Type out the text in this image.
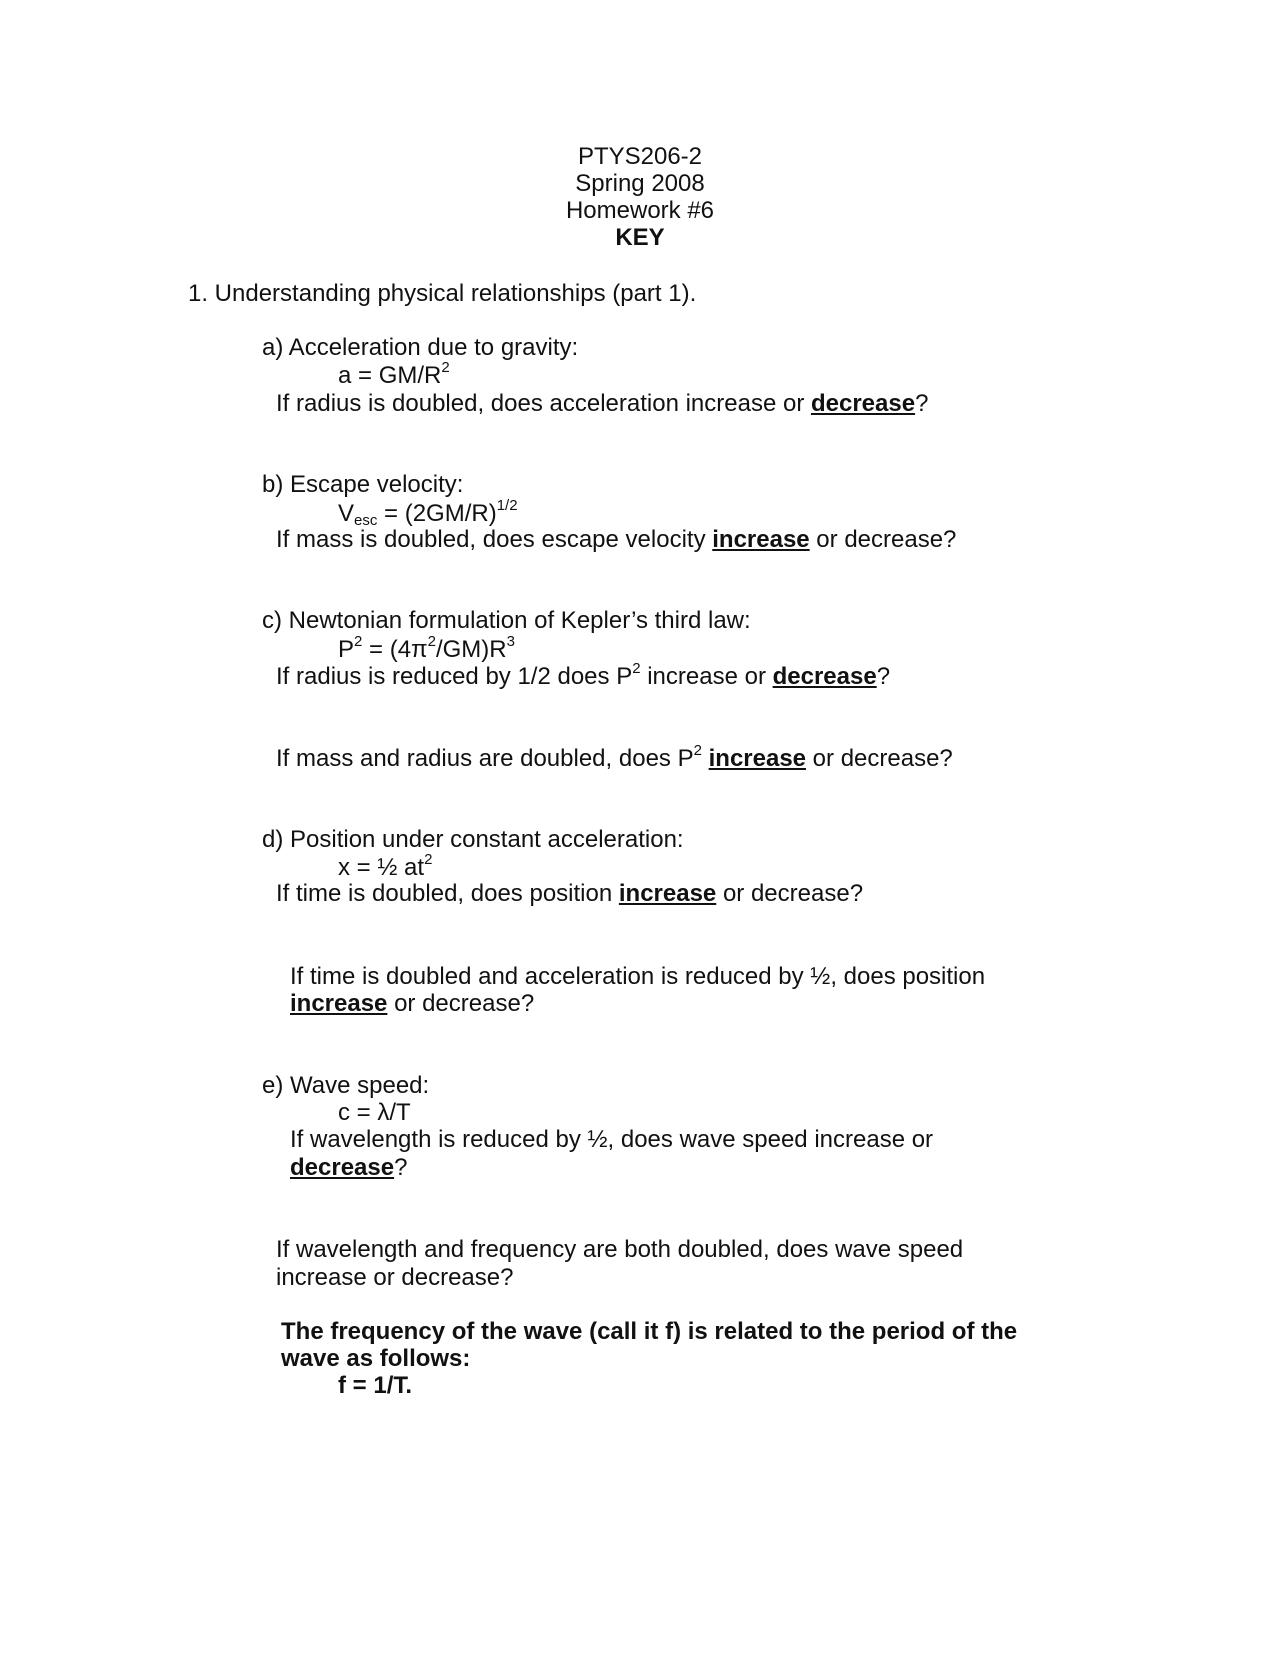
PTYS206-2
Spring 2008
Homework #6
KEY
1. Understanding physical relationships (part 1).
a) Acceleration due to gravity:
$a = GM/R^2$
If radius is doubled, does acceleration increase or decrease?
b) Escape velocity:
$V_{esc} = (2GM/R)^{1/2}$
If mass is doubled, does escape velocity increase or decrease?
c) Newtonian formulation of Kepler’s third law:
$P^2 = (4\pi^2/GM)R^3$
If radius is reduced by 1/2 does $P^2$ increase or decrease?
If mass and radius are doubled, does $P^2$ increase or decrease?
d) Position under constant acceleration:
x = ½ $at^2$
If time is doubled, does position increase or decrease?
If time is doubled and acceleration is reduced by ½, does position
increase or decrease?
e) Wave speed:
c = λ/T
If wavelength is reduced by ½, does wave speed increase or
decrease?
If wavelength and frequency are both doubled, does wave speed
increase or decrease?
The frequency of the wave (call it f) is related to the period of the
wave as follows:
f = 1/T.
